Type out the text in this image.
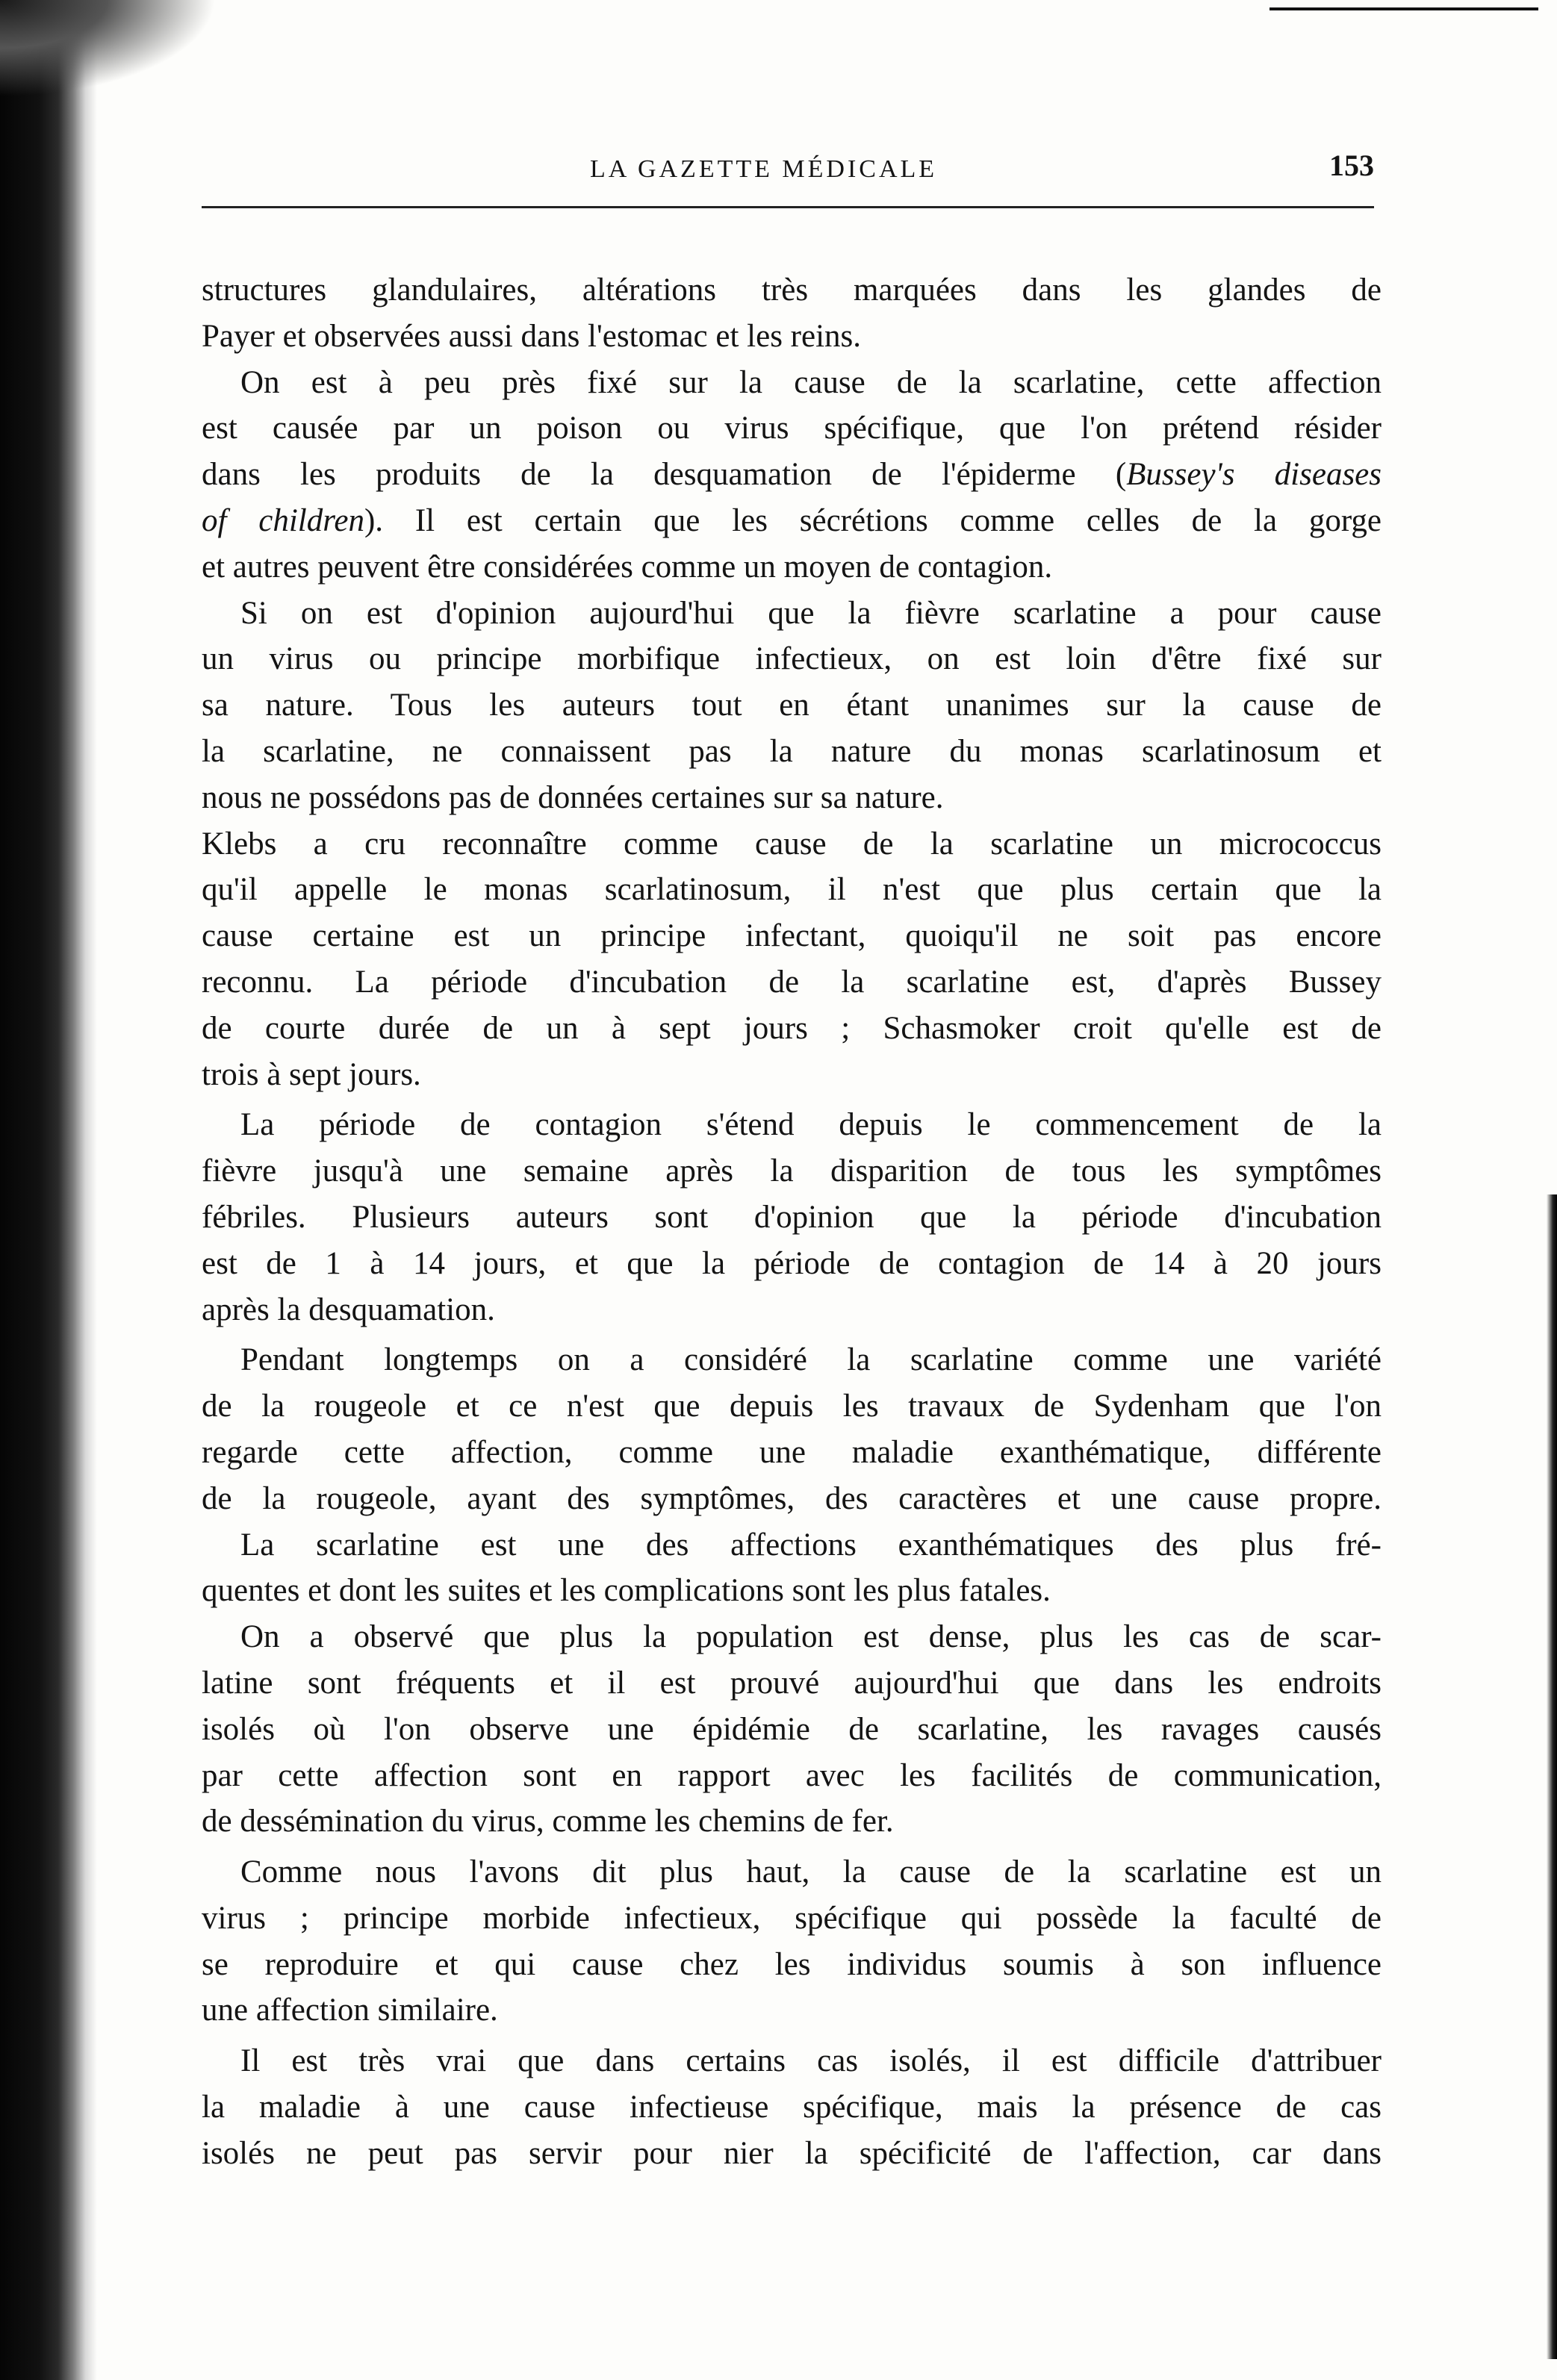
LA GAZETTE MÉDICALE	153
structures glandulaires, altérations très marquées dans les glandes de
Payer et observées aussi dans l'estomac et les reins.
On est à peu près fixé sur la cause de la scarlatine, cette affection
est causée par un poison ou virus spécifique, que l'on prétend résider
dans les produits de la desquamation de l'épiderme (Bussey's diseases
of children). Il est certain que les sécrétions comme celles de la gorge
et autres peuvent être considérées comme un moyen de contagion.
Si on est d'opinion aujourd'hui que la fièvre scarlatine a pour cause
un virus ou principe morbifique infectieux, on est loin d'être fixé sur
sa nature. Tous les auteurs tout en étant unanimes sur la cause de
la scarlatine, ne connaissent pas la nature du monas scarlatinosum et
nous ne possédons pas de données certaines sur sa nature.
Klebs a cru reconnaître comme cause de la scarlatine un micrococcus
qu'il appelle le monas scarlatinosum, il n'est que plus certain que la
cause certaine est un principe infectant, quoiqu'il ne soit pas encore
reconnu. La période d'incubation de la scarlatine est, d'après Bussey
de courte durée de un à sept jours ; Schasmoker croit qu'elle est de
trois à sept jours.
La période de contagion s'étend depuis le commencement de la
fièvre jusqu'à une semaine après la disparition de tous les symptômes
fébriles. Plusieurs auteurs sont d'opinion que la période d'incubation
est de 1 à 14 jours, et que la période de contagion de 14 à 20 jours
après la desquamation.
Pendant longtemps on a considéré la scarlatine comme une variété
de la rougeole et ce n'est que depuis les travaux de Sydenham que l'on
regarde cette affection, comme une maladie exanthématique, différente
de la rougeole, ayant des symptômes, des caractères et une cause propre.
La scarlatine est une des affections exanthématiques des plus fré-
quentes et dont les suites et les complications sont les plus fatales.
On a observé que plus la population est dense, plus les cas de scar-
latine sont fréquents et il est prouvé aujourd'hui que dans les endroits
isolés où l'on observe une épidémie de scarlatine, les ravages causés
par cette affection sont en rapport avec les facilités de communication,
de dessémination du virus, comme les chemins de fer.
Comme nous l'avons dit plus haut, la cause de la scarlatine est un
virus ; principe morbide infectieux, spécifique qui possède la faculté de
se reproduire et qui cause chez les individus soumis à son influence
une affection similaire.
Il est très vrai que dans certains cas isolés, il est difficile d'attribuer
la maladie à une cause infectieuse spécifique, mais la présence de cas
isolés ne peut pas servir pour nier la spécificité de l'affection, car dans
